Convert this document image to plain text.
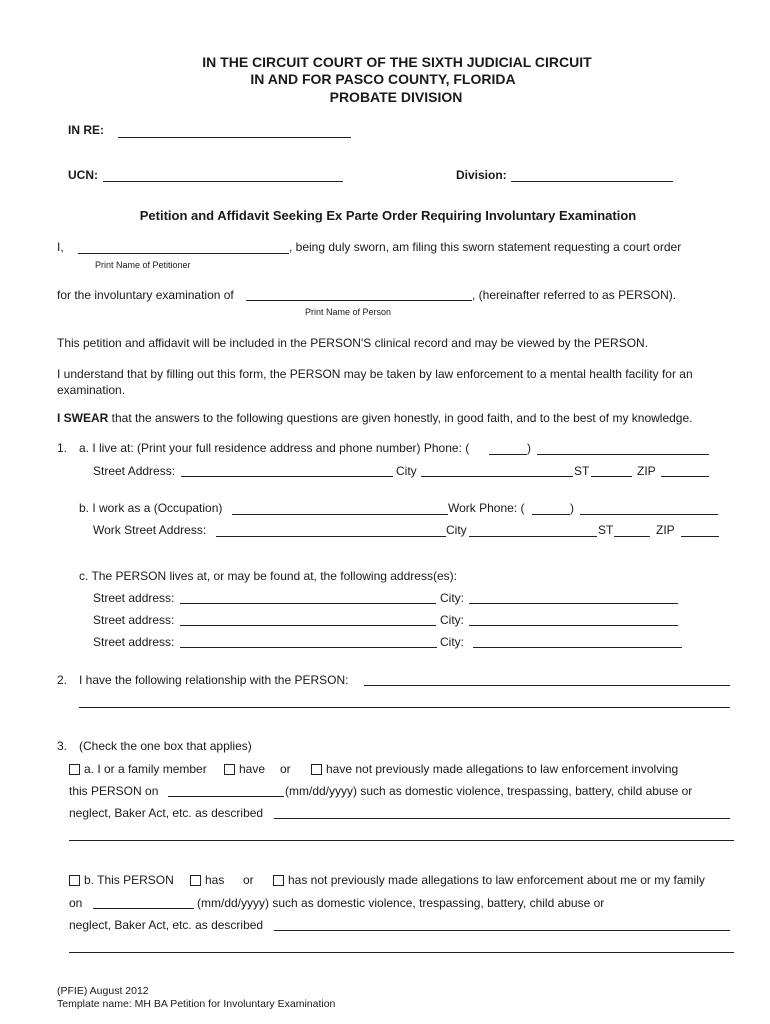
IN THE CIRCUIT COURT OF THE SIXTH JUDICIAL CIRCUIT
IN AND FOR PASCO COUNTY, FLORIDA
PROBATE DIVISION
IN RE:
UCN:	Division:
Petition and Affidavit Seeking Ex Parte Order Requiring Involuntary Examination
I,	, being duly sworn, am filing this sworn statement requesting a court order
Print Name of Petitioner
for the involuntary examination of	, (hereinafter referred to as PERSON).
Print Name of Person
This petition and affidavit will be included in the PERSON'S clinical record and may be viewed by the PERSON.
I understand that by filling out this form, the PERSON may be taken by law enforcement to a mental health facility for an
examination.
I SWEAR that the answers to the following questions are given honestly, in good faith, and to the best of my knowledge.
1. a. I live at: (Print your full residence address and phone number) Phone: (	)
Street Address:	City	ST	ZIP
b. I work as a (Occupation)	Work Phone: (	)
Work Street Address:	City	ST	ZIP
c. The PERSON lives at, or may be found at, the following address(es):
Street address:	City:
Street address:	City:
Street address:	City:
2. I have the following relationship with the PERSON:
3. (Check the one box that applies)
a. I or a family member	have or	have not previously made allegations to law enforcement involving
this PERSON on	(mm/dd/yyyy) such as domestic violence, trespassing, battery, child abuse or
neglect, Baker Act, etc. as described
b. This PERSON	has or	has not previously made allegations to law enforcement about me or my family
on	(mm/dd/yyyy) such as domestic violence, trespassing, battery, child abuse or
neglect, Baker Act, etc. as described
(PFIE) August 2012
Template name: MH BA Petition for Involuntary Examination
